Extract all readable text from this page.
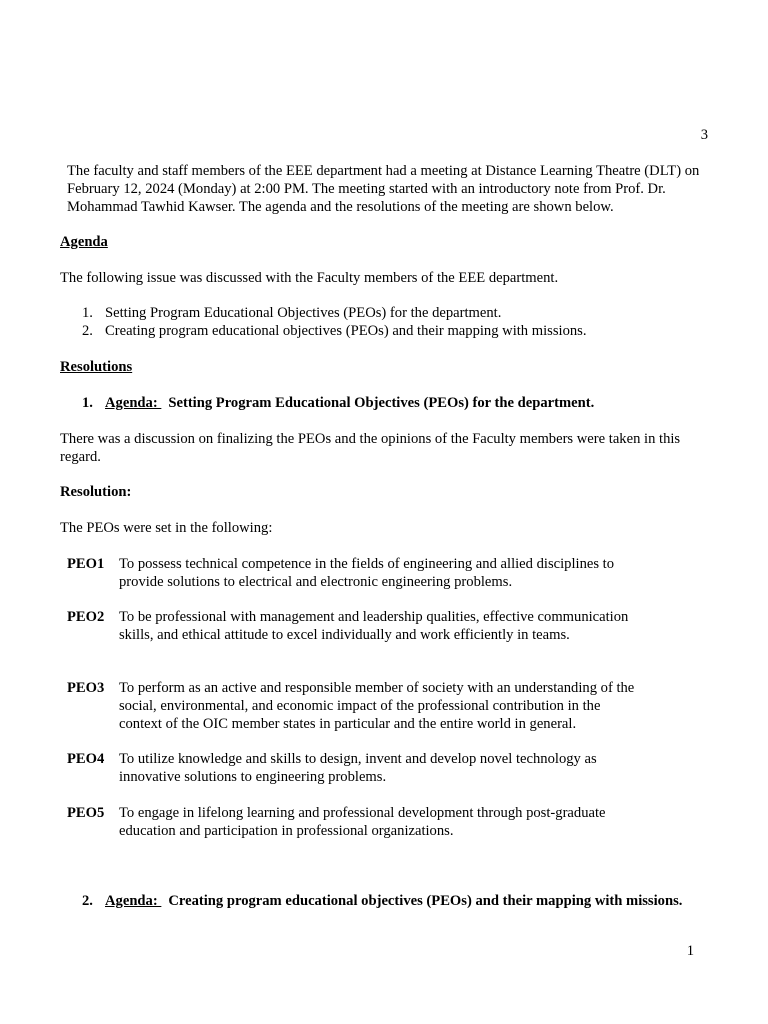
3
The faculty and staff members of the EEE department had a meeting at Distance Learning Theatre (DLT) on February 12, 2024 (Monday) at 2:00 PM. The meeting started with an introductory note from Prof. Dr. Mohammad Tawhid Kawser. The agenda and the resolutions of the meeting are shown below.
Agenda
The following issue was discussed with the Faculty members of the EEE department.
1. Setting Program Educational Objectives (PEOs) for the department.
2. Creating program educational objectives (PEOs) and their mapping with missions.
Resolutions
1. Agenda: Setting Program Educational Objectives (PEOs) for the department.
There was a discussion on finalizing the PEOs and the opinions of the Faculty members were taken in this regard.
Resolution:
The PEOs were set in the following:
PEO1	To possess technical competence in the fields of engineering and allied disciplines to provide solutions to electrical and electronic engineering problems.
PEO2	To be professional with management and leadership qualities, effective communication skills, and ethical attitude to excel individually and work efficiently in teams.
PEO3	To perform as an active and responsible member of society with an understanding of the social, environmental, and economic impact of the professional contribution in the context of the OIC member states in particular and the entire world in general.
PEO4	To utilize knowledge and skills to design, invent and develop novel technology as innovative solutions to engineering problems.
PEO5	To engage in lifelong learning and professional development through post-graduate education and participation in professional organizations.
2. Agenda: Creating program educational objectives (PEOs) and their mapping with missions.
1
